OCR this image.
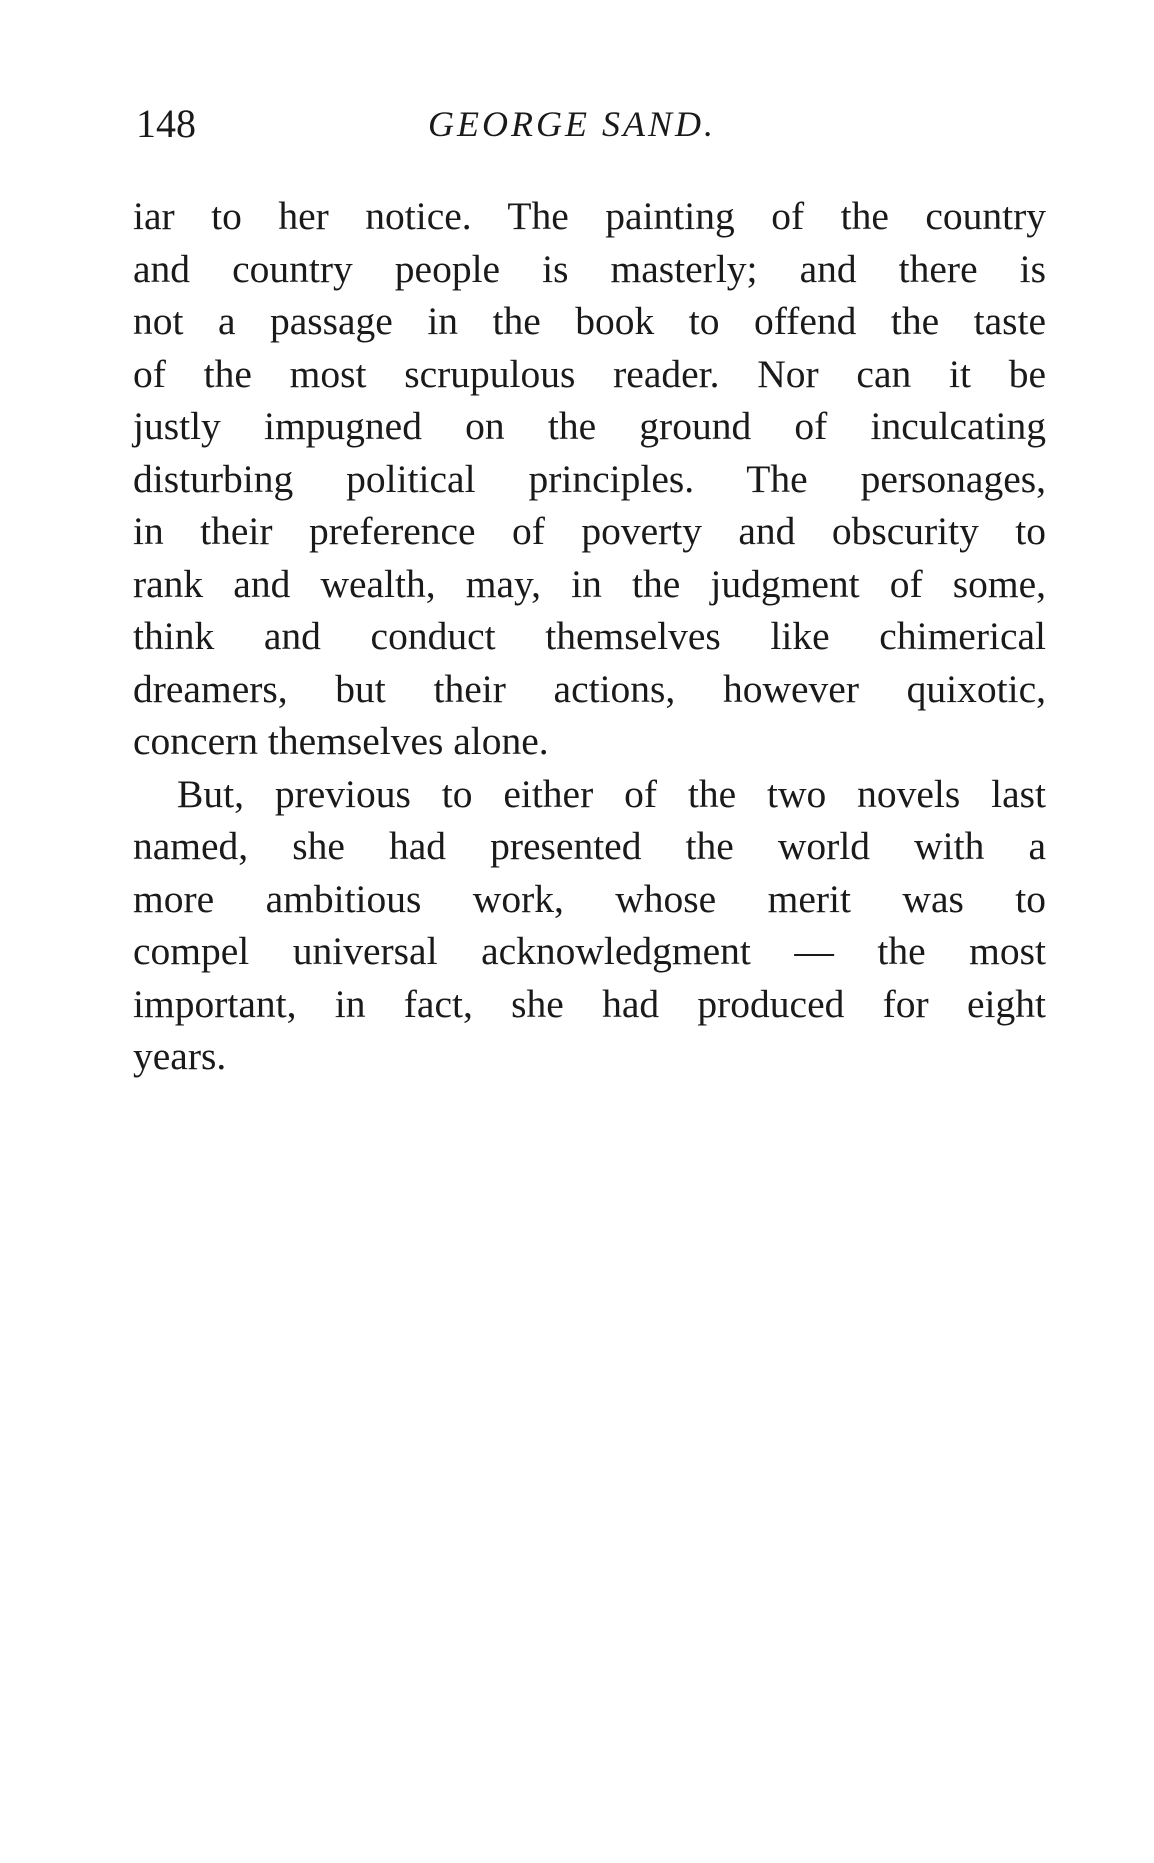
148	GEORGE SAND.

iar to her notice. The painting of the country
and country people is masterly; and there is
not a passage in the book to offend the taste
of the most scrupulous reader. Nor can it be
justly impugned on the ground of inculcating
disturbing political principles. The personages,
in their preference of poverty and obscurity to
rank and wealth, may, in the judgment of some,
think and conduct themselves like chimerical
dreamers, but their actions, however quixotic,
concern themselves alone.

But, previous to either of the two novels last
named, she had presented the world with a
more ambitious work, whose merit was to
compel universal acknowledgment — the most
important, in fact, she had produced for eight
years.
